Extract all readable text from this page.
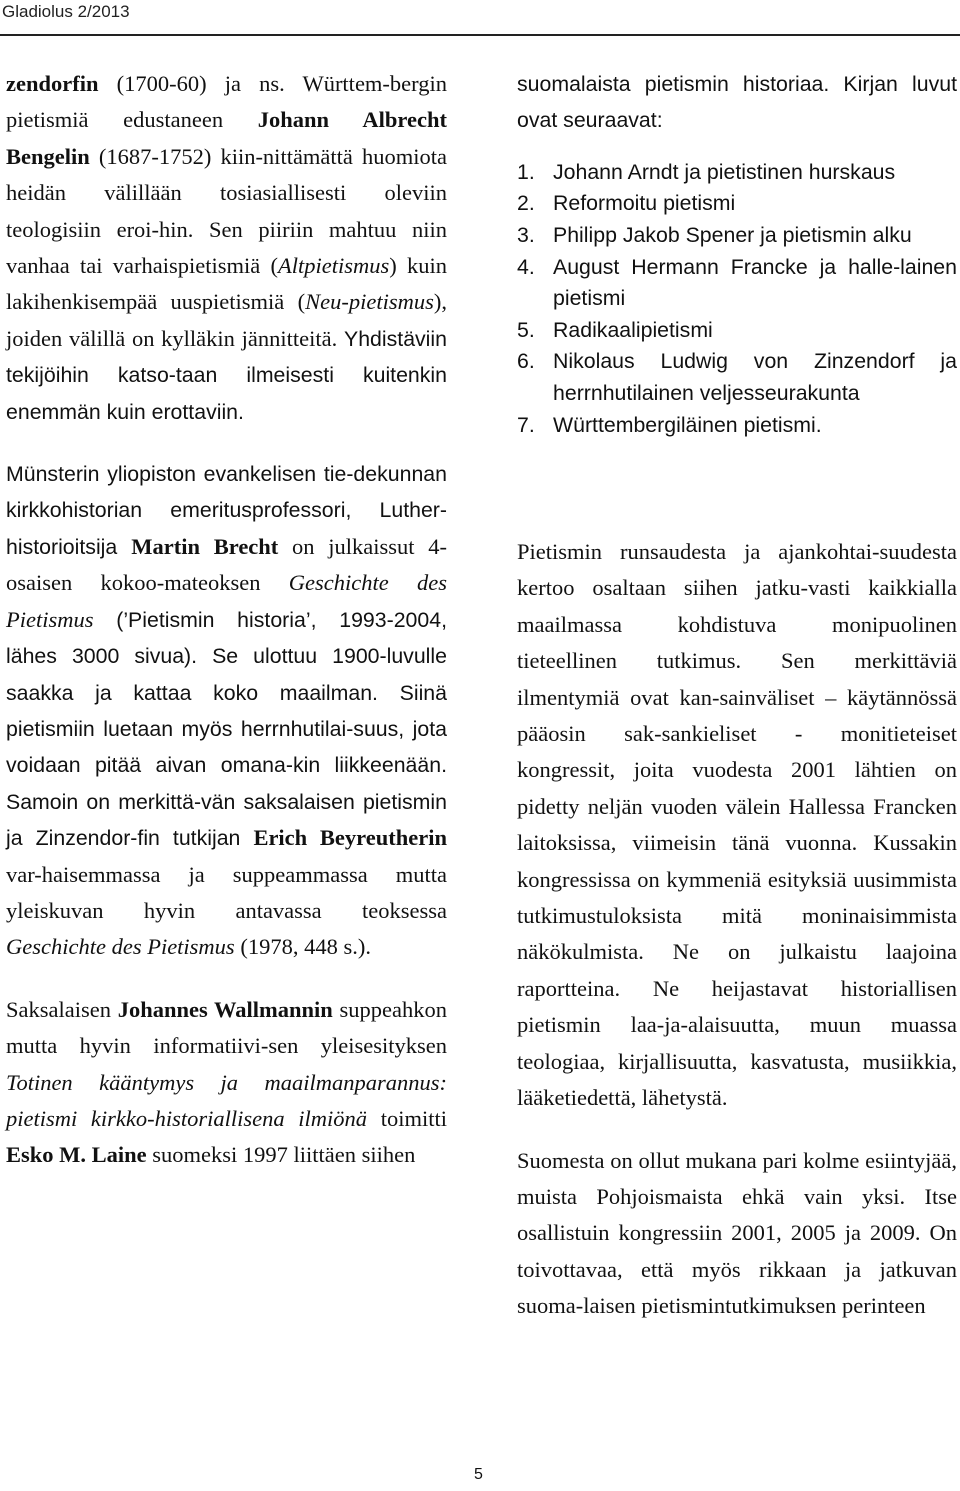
Gladiolus 2/2013

zendorfin (1700-60) ja ns. Württem-bergin pietismiä edustaneen Johann Albrecht Bengelin (1687-1752) kiin-nittämättä huomiota heidän välillään tosiasiallisesti oleviin teologisiin eroi-hin. Sen piiriin mahtuu niin vanhaa tai varhaispietismiä (Altpietismus) kuin lakihenkisempää uuspietismiä (Neu-pietismus), joiden välillä on kylläkin jännitteitä. Yhdistäviin tekijöihin katso-taan ilmeisesti kuitenkin enemmän kuin erottaviin.

Münsterin yliopiston evankelisen tie-dekunnan kirkkohistorian emeritusprofessori, Luther-historioitsija Martin Brecht on julkaissut 4-osaisen kokoo-mateoksen Geschichte des Pietismus (’Pietismin historia’, 1993-2004, lähes 3000 sivua). Se ulottuu 1900-luvulle saakka ja kattaa koko maailman. Siinä pietismiin luetaan myös herrnhutilai-suus, jota voidaan pitää aivan omana-kin liikkeenään. Samoin on merkittä-vän saksalaisen pietismin ja Zinzendor-fin tutkijan Erich Beyreutherin var-haisemmassa ja suppeammassa mutta yleiskuvan hyvin antavassa teoksessa Geschichte des Pietismus (1978, 448 s.).

Saksalaisen Johannes Wallmannin suppeahkon mutta hyvin informatiivi-sen yleisesityksen Totinen kääntymys ja maailmanparannus: pietismi kirkko-historiallisena ilmiönä toimitti Esko M. Laine suomeksi 1997 liittäen siihen

suomalaista pietismin historiaa. Kirjan luvut ovat seuraavat:

1. Johann Arndt ja pietistinen hurskaus
2. Reformoitu pietismi
3. Philipp Jakob Spener ja pietismin alku
4. August Hermann Francke ja halle-lainen pietismi
5. Radikaalipietismi
6. Nikolaus Ludwig von Zinzendorf ja herrnhutilainen veljesseurakunta
7. Württembergiläinen pietismi.

Pietismin runsaudesta ja ajankohtai-suudesta kertoo osaltaan siihen jatku-vasti kaikkialla maailmassa kohdistuva monipuolinen tieteellinen tutkimus. Sen merkittäviä ilmentymiä ovat kan-sainväliset – käytännössä pääosin sak-sankieliset - monitieteiset kongressit, joita vuodesta 2001 lähtien on pidetty neljän vuoden välein Hallessa Francken laitoksissa, viimeisin tänä vuonna. Kussakin kongressissa on kymmeniä esityksiä uusimmista tutkimustuloksista mitä moninaisimmista näkökulmista. Ne on julkaistu laajoina raportteina. Ne heijastavat historiallisen pietismin laa-ja-alaisuutta, muun muassa teologiaa, kirjallisuutta, kasvatusta, musiikkia, lääketiedettä, lähetystä.

Suomesta on ollut mukana pari kolme esiintyjää, muista Pohjoismaista ehkä vain yksi. Itse osallistuin kongressiin 2001, 2005 ja 2009. On toivottavaa, että myös rikkaan ja jatkuvan suoma-laisen pietismintutkimuksen perinteen

5
